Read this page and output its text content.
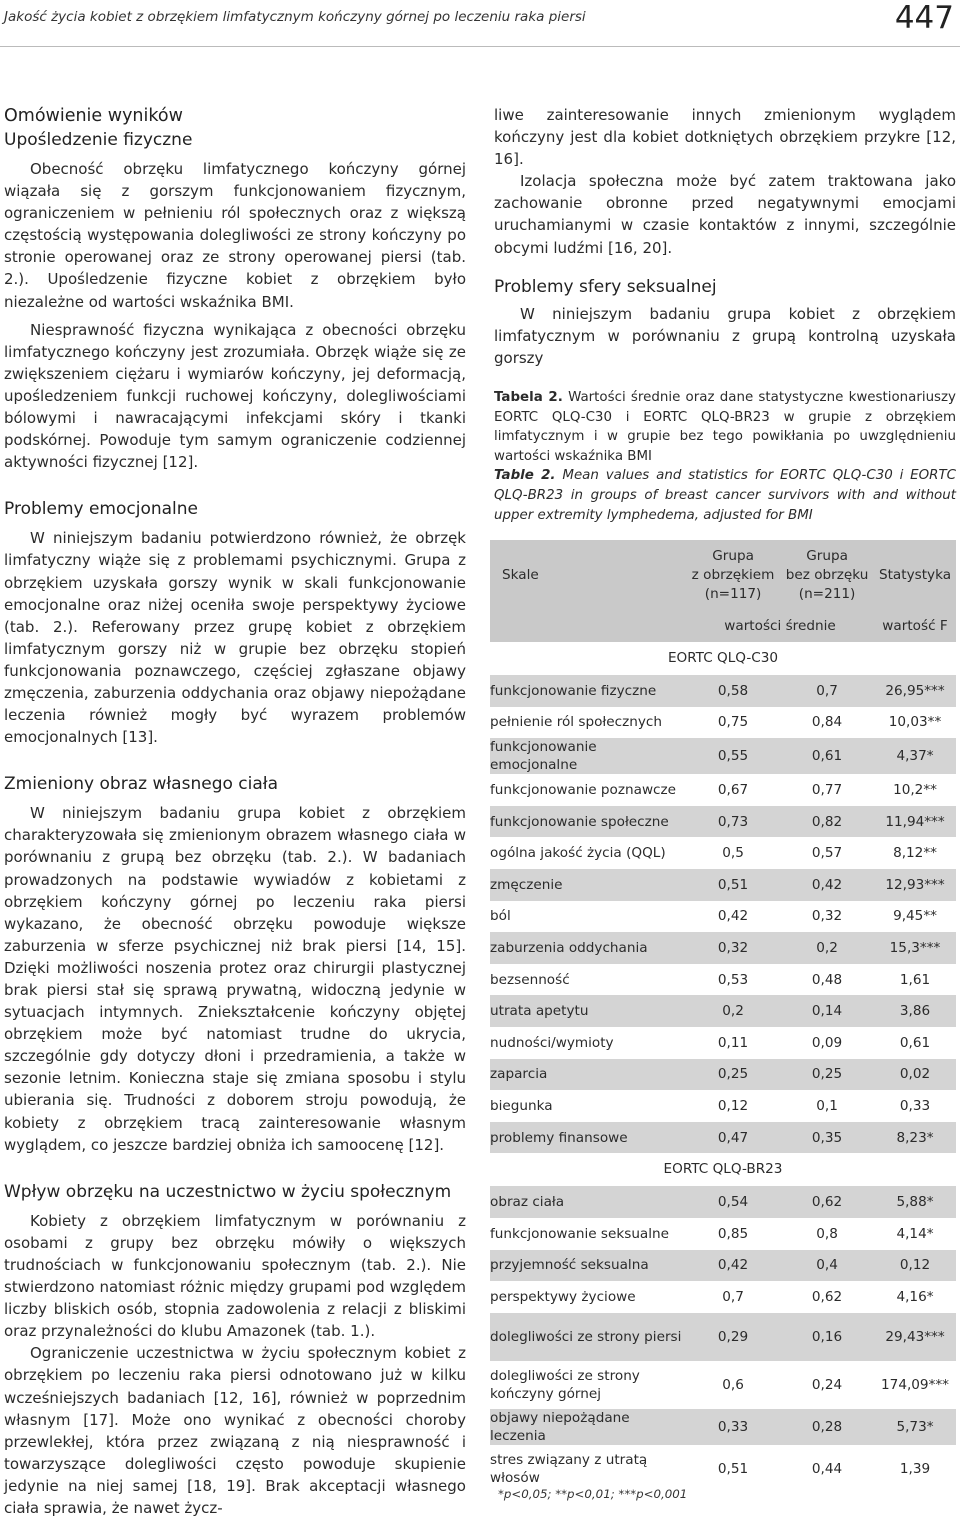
Jakość życia kobiet z obrzękiem limfatycznym kończyny górnej po leczeniu raka piersi	447
Omówienie wyników
Upośledzenie fizyczne

Obecność obrzęku limfatycznego kończyny górnej wiązała się z gorszym funkcjonowaniem fizycznym, ograniczeniem w pełnieniu ról społecznych oraz z większą częstością występowania dolegliwości ze strony kończyny po stronie operowanej oraz ze strony operowanej piersi (tab. 2.). Upośledzenie fizyczne kobiet z obrzękiem było niezależne od wartości wskaźnika BMI.

Niesprawność fizyczna wynikająca z obecności obrzęku limfatycznego kończyny jest zrozumiała. Obrzęk wiąże się ze zwiększeniem ciężaru i wymiarów kończyny, jej deformacją, upośledzeniem funkcji ruchowej kończyny, dolegliwościami bólowymi i nawracającymi infekcjami skóry i tkanki podskórnej. Powoduje tym samym ograniczenie codziennej aktywności fizycznej [12].

Problemy emocjonalne

W niniejszym badaniu potwierdzono również, że obrzęk limfatyczny wiąże się z problemami psychicznymi. Grupa z obrzękiem uzyskała gorszy wynik w skali funkcjonowanie emocjonalne oraz niżej oceniła swoje perspektywy życiowe (tab. 2.). Referowany przez grupę kobiet z obrzękiem limfatycznym gorszy niż w grupie bez obrzęku stopień funkcjonowania poznawczego, częściej zgłaszane objawy zmęczenia, zaburzenia oddychania oraz objawy niepożądane leczenia również mogły być wyrazem problemów emocjonalnych [13].

Zmieniony obraz własnego ciała

W niniejszym badaniu grupa kobiet z obrzękiem charakteryzowała się zmienionym obrazem własnego ciała w porównaniu z grupą bez obrzęku (tab. 2.). W badaniach prowadzonych na podstawie wywiadów z kobietami z obrzękiem kończyny górnej po leczeniu raka piersi wykazano, że obecność obrzęku powoduje większe zaburzenia w sferze psychicznej niż brak piersi [14, 15]. Dzięki możliwości noszenia protez oraz chirurgii plastycznej brak piersi stał się sprawą prywatną, widoczną jedynie w sytuacjach intymnych. Zniekształcenie kończyny objętej obrzękiem może być natomiast trudne do ukrycia, szczególnie gdy dotyczy dłoni i przedramienia, a także w sezonie letnim. Konieczna staje się zmiana sposobu i stylu ubierania się. Trudności z doborem stroju powodują, że kobiety z obrzękiem tracą zainteresowanie własnym wyglądem, co jeszcze bardziej obniża ich samoocenę [12].

Wpływ obrzęku na uczestnictwo w życiu społecznym

Kobiety z obrzękiem limfatycznym w porównaniu z osobami z grupy bez obrzęku mówiły o większych trudnościach w funkcjonowaniu społecznym (tab. 2.). Nie stwierdzono natomiast różnic między grupami pod względem liczby bliskich osób, stopnia zadowolenia z relacji z bliskimi oraz przynależności do klubu Amazonek (tab. 1.).

Ograniczenie uczestnictwa w życiu społecznym kobiet z obrzękiem po leczeniu raka piersi odnotowano już w kilku wcześniejszych badaniach [12, 16], również w poprzednim własnym [17]. Może ono wynikać z obecności choroby przewlekłej, która przez związaną z nią niesprawność i towarzyszące dolegliwości często powoduje skupienie jedynie na niej samej [18, 19]. Brak akceptacji własnego ciała sprawia, że nawet życz-

liwe zainteresowanie innych zmienionym wyglądem kończyny jest dla kobiet dotkniętych obrzękiem przykre [12, 16].

Izolacja społeczna może być zatem traktowana jako zachowanie obronne przed negatywnymi emocjami uruchamianymi w czasie kontaktów z innymi, szczególnie obcymi ludźmi [16, 20].

Problemy sfery seksualnej

W niniejszym badaniu grupa kobiet z obrzękiem limfatycznym w porównaniu z grupą kontrolną uzyskała gorszy

Tabela 2. Wartości średnie oraz dane statystyczne kwestionariuszy EORTC QLQ-C30 i EORTC QLQ-BR23 w grupie z obrzękiem limfatycznym i w grupie bez tego powikłania po uwzględnieniu wartości wskaźnika BMI
Table 2. Mean values and statistics for EORTC QLQ-C30 i EORTC QLQ-BR23 in groups of breast cancer survivors with and without upper extremity lymphedema, adjusted for BMI
Skale	Grupa
z obrzękiem
(n=117)	Grupa
bez obrzęku
(n=211)	Statystyka
	wartości średnie		wartość F
EORTC QLQ-C30			
funkcjonowanie fizyczne	0,58	0,7	26,95***
pełnienie ról społecznych	0,75	0,84	10,03**
funkcjonowanie emocjonalne	0,55	0,61	4,37*
funkcjonowanie poznawcze	0,67	0,77	10,2**
funkcjonowanie społeczne	0,73	0,82	11,94***
ogólna jakość życia (QQL)	0,5	0,57	8,12**
zmęczenie	0,51	0,42	12,93***
ból	0,42	0,32	9,45**
zaburzenia oddychania	0,32	0,2	15,3***
bezsenność	0,53	0,48	1,61
utrata apetytu	0,2	0,14	3,86
nudności/wymioty	0,11	0,09	0,61
zaparcia	0,25	0,25	0,02
biegunka	0,12	0,1	0,33
problemy finansowe	0,47	0,35	8,23*
EORTC QLQ-BR23			
obraz ciała	0,54	0,62	5,88*
funkcjonowanie seksualne	0,85	0,8	4,14*
przyjemność seksualna	0,42	0,4	0,12
perspektywy życiowe	0,7	0,62	4,16*
dolegliwości ze strony piersi	0,29	0,16	29,43***
dolegliwości ze strony kończyny górnej	0,6	0,24	174,09***
objawy niepożądane leczenia	0,33	0,28	5,73*
stres związany z utratą włosów	0,51	0,44	1,39
*p<0,05; **p<0,01; ***p<0,001
